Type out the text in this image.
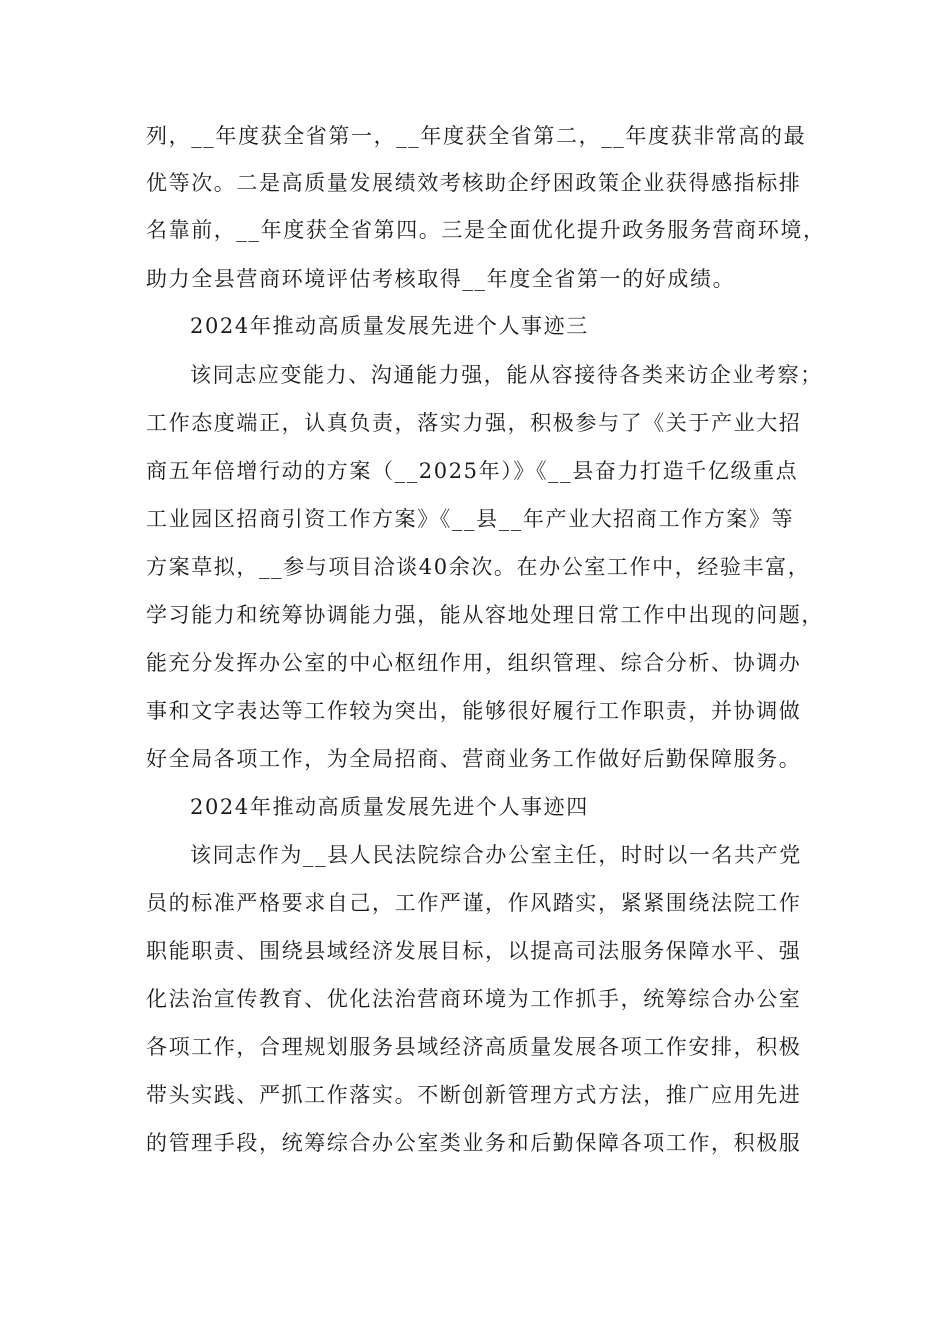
列，__年度获全省第一，__年度获全省第二，__年度获非常高的最
优等次。二是高质量发展绩效考核助企纾困政策企业获得感指标排
名靠前，__年度获全省第四。三是全面优化提升政务服务营商环境，
助力全县营商环境评估考核取得__年度全省第一的好成绩。
2024年推动高质量发展先进个人事迹三
该同志应变能力、沟通能力强，能从容接待各类来访企业考察；
工作态度端正，认真负责，落实力强，积极参与了《关于产业大招
商五年倍增行动的方案（__2025年）》《__县奋力打造千亿级重点
工业园区招商引资工作方案》《__县__年产业大招商工作方案》等
方案草拟，__参与项目洽谈40余次。在办公室工作中，经验丰富，
学习能力和统筹协调能力强，能从容地处理日常工作中出现的问题，
能充分发挥办公室的中心枢纽作用，组织管理、综合分析、协调办
事和文字表达等工作较为突出，能够很好履行工作职责，并协调做
好全局各项工作，为全局招商、营商业务工作做好后勤保障服务。
2024年推动高质量发展先进个人事迹四
该同志作为__县人民法院综合办公室主任，时时以一名共产党
员的标准严格要求自己，工作严谨，作风踏实，紧紧围绕法院工作
职能职责、围绕县域经济发展目标，以提高司法服务保障水平、强
化法治宣传教育、优化法治营商环境为工作抓手，统筹综合办公室
各项工作，合理规划服务县域经济高质量发展各项工作安排，积极
带头实践、严抓工作落实。不断创新管理方式方法，推广应用先进
的管理手段，统筹综合办公室类业务和后勤保障各项工作，积极服
